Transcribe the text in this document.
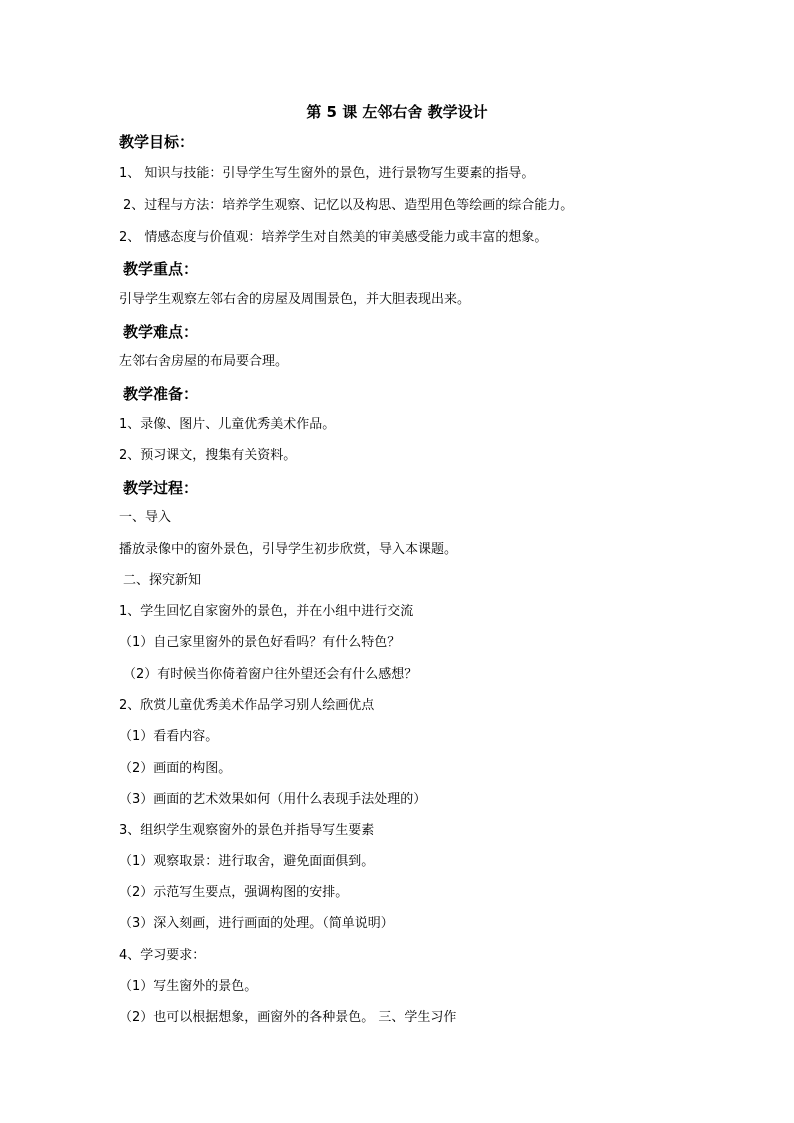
第 5 课 左邻右舍 教学设计
教学目标：
1、 知识与技能：引导学生写生窗外的景色，进行景物写生要素的指导。
2、过程与方法：培养学生观察、记忆以及构思、造型用色等绘画的综合能力。
2、 情感态度与价值观：培养学生对自然美的审美感受能力或丰富的想象。
教学重点：
引导学生观察左邻右舍的房屋及周围景色，并大胆表现出来。
教学难点：
左邻右舍房屋的布局要合理。
教学准备：
1、录像、图片、儿童优秀美术作品。
2、预习课文，搜集有关资料。
教学过程：
一、导入
播放录像中的窗外景色，引导学生初步欣赏，导入本课题。
二、探究新知
1、学生回忆自家窗外的景色，并在小组中进行交流
（1）自己家里窗外的景色好看吗？有什么特色？
（2）有时候当你倚着窗户往外望还会有什么感想？
2、欣赏儿童优秀美术作品学习别人绘画优点
（1）看看内容。
（2）画面的构图。
（3）画面的艺术效果如何（用什么表现手法处理的）
3、组织学生观察窗外的景色并指导写生要素
（1）观察取景：进行取舍，避免面面俱到。
（2）示范写生要点，强调构图的安排。
（3）深入刻画，进行画面的处理。（简单说明）
4、学习要求：
（1）写生窗外的景色。
（2）也可以根据想象，画窗外的各种景色。 三、学生习作
